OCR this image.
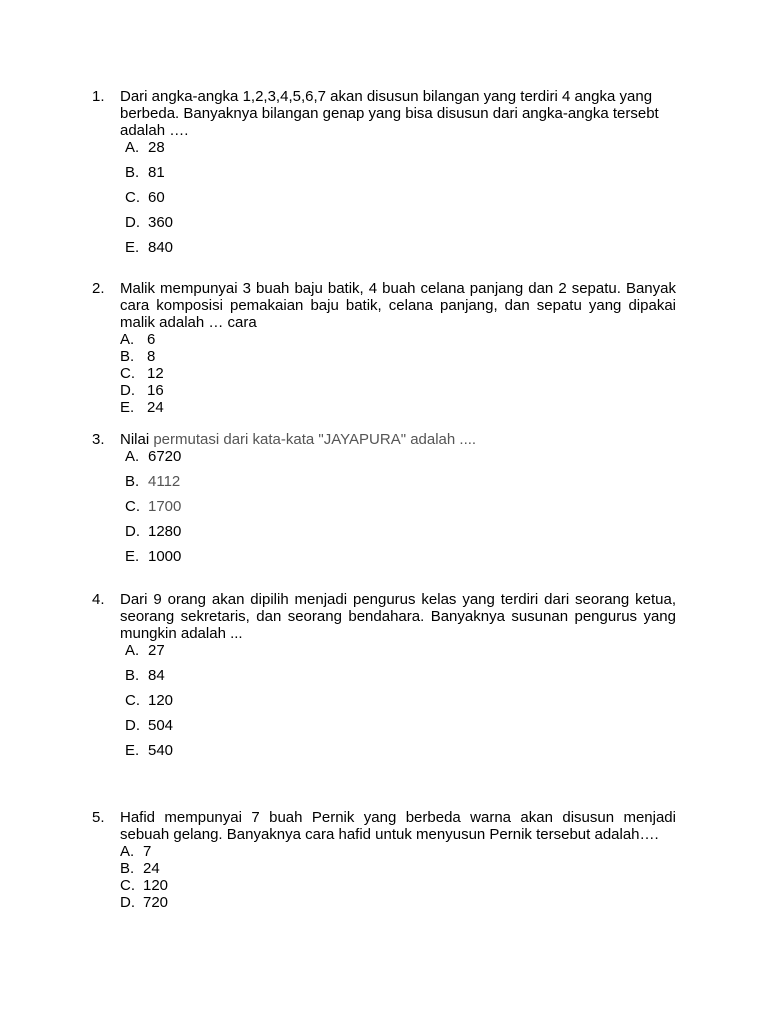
1.	Dari angka-angka 1,2,3,4,5,6,7 akan disusun bilangan yang terdiri 4 angka yang berbeda. Banyaknya bilangan genap yang bisa disusun dari angka-angka tersebt adalah ….
A. 28
B. 81
C. 60
D. 360
E. 840
2.	Malik mempunyai 3 buah baju batik, 4 buah celana panjang dan 2 sepatu. Banyak cara komposisi pemakaian baju batik, celana panjang, dan sepatu yang dipakai malik adalah … cara
A. 6
B. 8
C. 12
D. 16
E. 24
3.	Nilai permutasi dari kata-kata "JAYAPURA" adalah ....
A. 6720
B. 4112
C. 1700
D. 1280
E. 1000
4.	Dari 9 orang akan dipilih menjadi pengurus kelas yang terdiri dari seorang ketua, seorang sekretaris, dan seorang bendahara. Banyaknya susunan pengurus yang mungkin adalah ...
A. 27
B. 84
C. 120
D. 504
E. 540
5.	Hafid mempunyai 7 buah Pernik yang berbeda warna akan disusun menjadi sebuah gelang. Banyaknya cara hafid untuk menyusun Pernik tersebut adalah….
A. 7
B. 24
C. 120
D. 720
